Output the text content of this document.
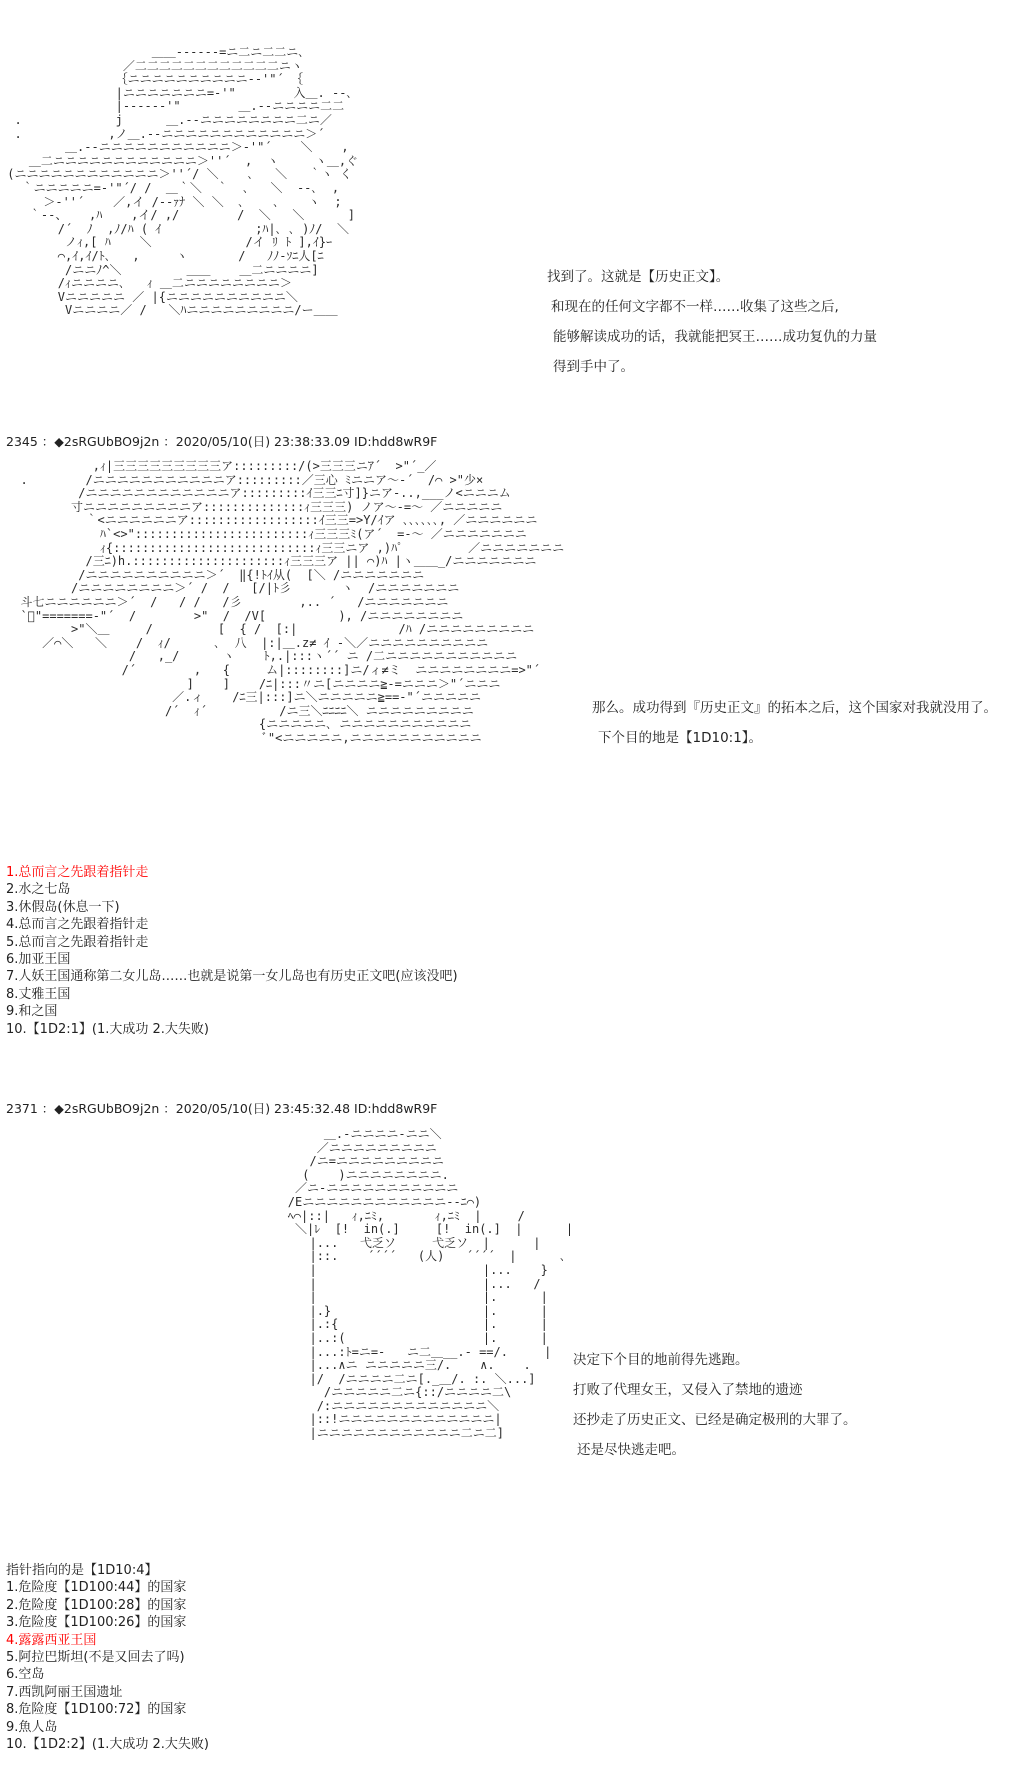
＿＿-‐‐‐‐‐=ニ二ニ二二ニ､
／二二二二二二二二二二二二ニヽ
｛ニニニニニニニニニニ‐‐'"´ ｛
|ニニニニニニニ=‐'"        入＿. ‐‐､
|‐‐‐‐‐‐'"        ＿.-‐ニニニニ二二
.             j      ＿.-‐ニニニニニニニニ二ニ／
.            ,ノ＿.-‐ニニニニニニニニニニニニ＞´
＿.-‐ニニニニニニニニニニニ＞‐'"´    ＼    ,
＿二ニニニニニニニニニニニニ＞''´  ,  ヽ     ヽ＿,ぐ
(ニニニニニニニニニニニニ＞''´/ ＼    ､   ＼   ｀ヽ く
｀ニニニニニ=‐'"´/ /  ＿｀＼  ｀  ､   ＼  ‐‐､  ,
＞‐''´    ／,イ /‐-ｧﾅ ＼ ＼  ､    ､    ヽ  ;
｀‐‐、   ,ﾊ    ,イ/ ,/        /  ＼   ＼      ]
/´  ﾉ  ,ﾉ/ﾊ ( ｲ             ;ﾊ|､ ､ )ﾉ/  ＼
ノｨ,[ ﾊ    ＼             /イ ﾘ ﾄ ],ｲ}ｰ
⌒,ｲ,ｲ/ﾄ､   ,     ヽ       /   ﾉﾉ-ｿﾆ人[ﾆ
/ニニﾉ^＼         ＿＿    ＿二ニニニニ]
/ｨニニニニ､   ｨ ＿二ニニニニニニニニ＞
Vニニニニニ ／ |{ニニニニニニニニニニ＼
Vニニニニ／ /   ＼ﾊニニニニニニニニニ/ー＿＿
找到了。这就是【历史正文】。
和现在的任何文字都不一样……收集了这些之后,
能够解读成功的话，我就能把冥王……成功复仇的力量
得到手中了。
2345 ：◆2sRGUbBO9j2n ：2020/05/10(日) 23:38:33.09 ID:hdd8wR9F
,ｨ|三三三三三三三三三ア:::::::::/(>三三三ニｱ´  >"´_／
.        /ニニニニニニニニニニニア:::::::::／三心 ﾐニニア～‐´  /⌒ >"少×
/ニニニニニニニニニニニニア:::::::::ｲ三三ﾆ寸]}ニア‐..,___ノ<ニニニム
寸ニニニニニニニニニア::::::::::::::ｨ三三三) ノア～‐=～ ／ニニニニニ
｀<ニニニニニニア::::::::::::::::::ｲ三三=>Y/ｲア ､､､､､､, ／ニニニニニニ
ﾊ`<>"::::::::::::::::::::::::ｨ三三三ﾐ(ア´  =‐～ ／ニニニニニニニ
ｨ{::::::::::::::::::::::::::::ｨ三三ニア ,)ﾊﾟ         ／ニニニニニニニ
/三ﾆ)h.:::::::::::::::::::::ｨ三三三ア || ⌒)ﾊ |ヽ＿＿_/ニニニニニニニ
/ニニニニニニニニニニ＞´  ‖{!ﾄｲ从(  [＼ /ニニニニニニニ
/ニニニニニニニニ＞´ /  /   [/|ﾄ彡       ヽ  /ニニニニニニニ
斗七ニニニニニニ＞´  /   / /   /彡        ,.. ´   /ニニニニニニニ
`ﾞ"=======‐"´  /        >"  /  /V[          ), /ニニニニニニニニ
>"＼＿     /         [  { /  [:|              /ﾊ /ニニニニニニニニニ
／⌒＼   ＼    /  ｨ/      ､  八  |:|＿.z≠ ｲ ‐＼／ニニニニニニニニニニ
/   ,_/      ヽ    ﾄ,.|:::ヽ´´ ニ /二ニニニニニニニニニニニ
/´        ,   {     ム|::::::::]ニ/ィ≠ミ  ニニニニニニニニ=>"´
]    ]    /ﾆ|:::〃ニ[ニニニニ≧‐=ニニニ＞"´ニニニ
／.ィ    /ﾆ三|:::]ニ＼ニニニニニ≧==‐"´ニニニニニ
/´  ｨ´          /ニ三＼ﾆﾆﾆﾆ＼ ニニニニニニニニニ
{ニニニニニ､ ニニニニニニニニニニニ
ﾞ"<ニニニニニ,ニニニニニニニニニニニ
那么。成功得到『历史正文』的拓本之后，这个国家对我就没用了。
下个目的地是【1D10:1】。
1.总而言之先跟着指针走
2.水之七岛
3.休假岛(休息一下)
4.总而言之先跟着指针走
5.总而言之先跟着指针走
6.加亚王国
7.人妖王国通称第二女儿岛……也就是说第一女儿岛也有历史正文吧(应该没吧)
8.丈雅王国
9.和之国
10.【1D2:1】(1.大成功 2.大失败)
2371 ：◆2sRGUbBO9j2n ：2020/05/10(日) 23:45:32.48 ID:hdd8wR9F
＿.-ニニニニ-ニニ＼
／ニニニニニニニニニ
/ニ=ニニニニニニニニニ
(    )ニニニニニニニニ.
／ニ-ニニニニニニニニニニニ
/Eニニニニニニニニニニニニ‐‐ﾆ⌒)
ﾍ⌒|::|   ｨ,ﾆﾐ,       ｨ,ﾆﾐ  |     /
＼|ﾚ  [!  in(.]     [!  in(.]  |      |
|...   弋乏ソ     弋乏ソ  |      |
|::.    ´´´´   (人)   ´´´´  |      ､
|                       |...    }
|                       |...   /
|                       |.      |
|.}                     |.      |
|.:{                    |.      |
|..:(                   |.      |
|...:ﾄ=ニ=-   ニ二＿__.- ==/.     |
|...∧ニ ニニニニニ三/.    ∧.    .
|/  /ニニニニ二ニ[._＿/. :. ＼...]
/ニニニニニ二ニ{::/ニニニニ二\
/:ニニニニニニニニニニニニニ＼
|::!ニニニニニニニニニニニニニ|
|ニニニニニニニニニニニニ二ニ二]
决定下个目的地前得先逃跑。
打败了代理女王，又侵入了禁地的遗迹
还抄走了历史正文、已经是确定极刑的大罪了。
还是尽快逃走吧。
指针指向的是【1D10:4】
1.危险度【1D100:44】的国家
2.危险度【1D100:28】的国家
3.危险度【1D100:26】的国家
4.露露西亚王国
5.阿拉巴斯坦(不是又回去了吗)
6.空岛
7.西凯阿丽王国遗址
8.危险度【1D100:72】的国家
9.魚人岛
10.【1D2:2】(1.大成功 2.大失败)
